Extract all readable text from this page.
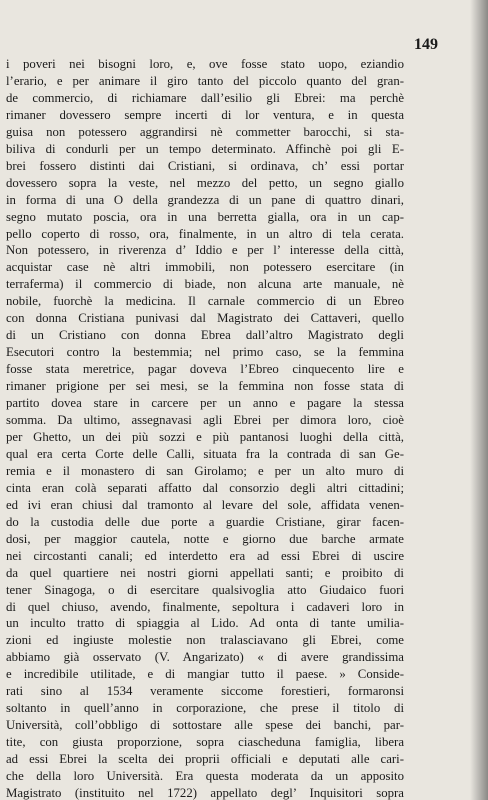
149
i poveri nei bisogni loro, e, ove fosse stato uopo, eziandio
l’erario, e per animare il giro tanto del piccolo quanto del gran-
de commercio, di richiamare dall’esilio gli Ebrei: ma perchè
rimaner dovessero sempre incerti di lor ventura, e in questa
guisa non potessero aggrandirsi nè commetter barocchi, si sta-
biliva di condurli per un tempo determinato. Affinchè poi gli E-
brei fossero distinti dai Cristiani, si ordinava, ch’ essi portar
dovessero sopra la veste, nel mezzo del petto, un segno giallo
in forma di una O della grandezza di un pane di quattro dinari,
segno mutato poscia, ora in una berretta gialla, ora in un cap-
pello coperto di rosso, ora, finalmente, in un altro di tela cerata.
Non potessero, in riverenza d’ Iddio e per l’ interesse della città,
acquistar case nè altri immobili, non potessero esercitare (in
terraferma) il commercio di biade, non alcuna arte manuale, nè
nobile, fuorchè la medicina. Il carnale commercio di un Ebreo
con donna Cristiana punivasi dal Magistrato dei Cattaveri, quello
di un Cristiano con donna Ebrea dall’altro Magistrato degli
Esecutori contro la bestemmia; nel primo caso, se la femmina
fosse stata meretrice, pagar doveva l’Ebreo cinquecento lire e
rimaner prigione per sei mesi, se la femmina non fosse stata di
partito dovea stare in carcere per un anno e pagare la stessa
somma. Da ultimo, assegnavasi agli Ebrei per dimora loro, cioè
per Ghetto, un dei più sozzi e più pantanosi luoghi della città,
qual era certa Corte delle Calli, situata fra la contrada di san Ge-
remia e il monastero di san Girolamo; e per un alto muro di
cinta eran colà separati affatto dal consorzio degli altri cittadini;
ed ivi eran chiusi dal tramonto al levare del sole, affidata venen-
do la custodia delle due porte a guardie Cristiane, girar facen-
dosi, per maggior cautela, notte e giorno due barche armate
nei circostanti canali; ed interdetto era ad essi Ebrei di uscire
da quel quartiere nei nostri giorni appellati santi; e proibito di
tener Sinagoga, o di esercitare qualsivoglia atto Giudaico fuori
di quel chiuso, avendo, finalmente, sepoltura i cadaveri loro in
un inculto tratto di spiaggia al Lido. Ad onta di tante umilia-
zioni ed ingiuste molestie non tralasciavano gli Ebrei, come
abbiamo già osservato (V. Angarizato) « di avere grandissima
e incredibile utilitade, e di mangiar tutto il paese. » Conside-
rati sino al 1534 veramente siccome forestieri, formaronsi
soltanto in quell’anno in corporazione, che prese il titolo di
Università, coll’obbligo di sottostare alle spese dei banchi, par-
tite, con giusta proporzione, sopra ciascheduna famiglia, libera
ad essi Ebrei la scelta dei proprii officiali e deputati alle cari-
che della loro Università. Era questa moderata da un apposito
Magistrato (instituito nel 1722) appellato degl’ Inquisitori sopra
